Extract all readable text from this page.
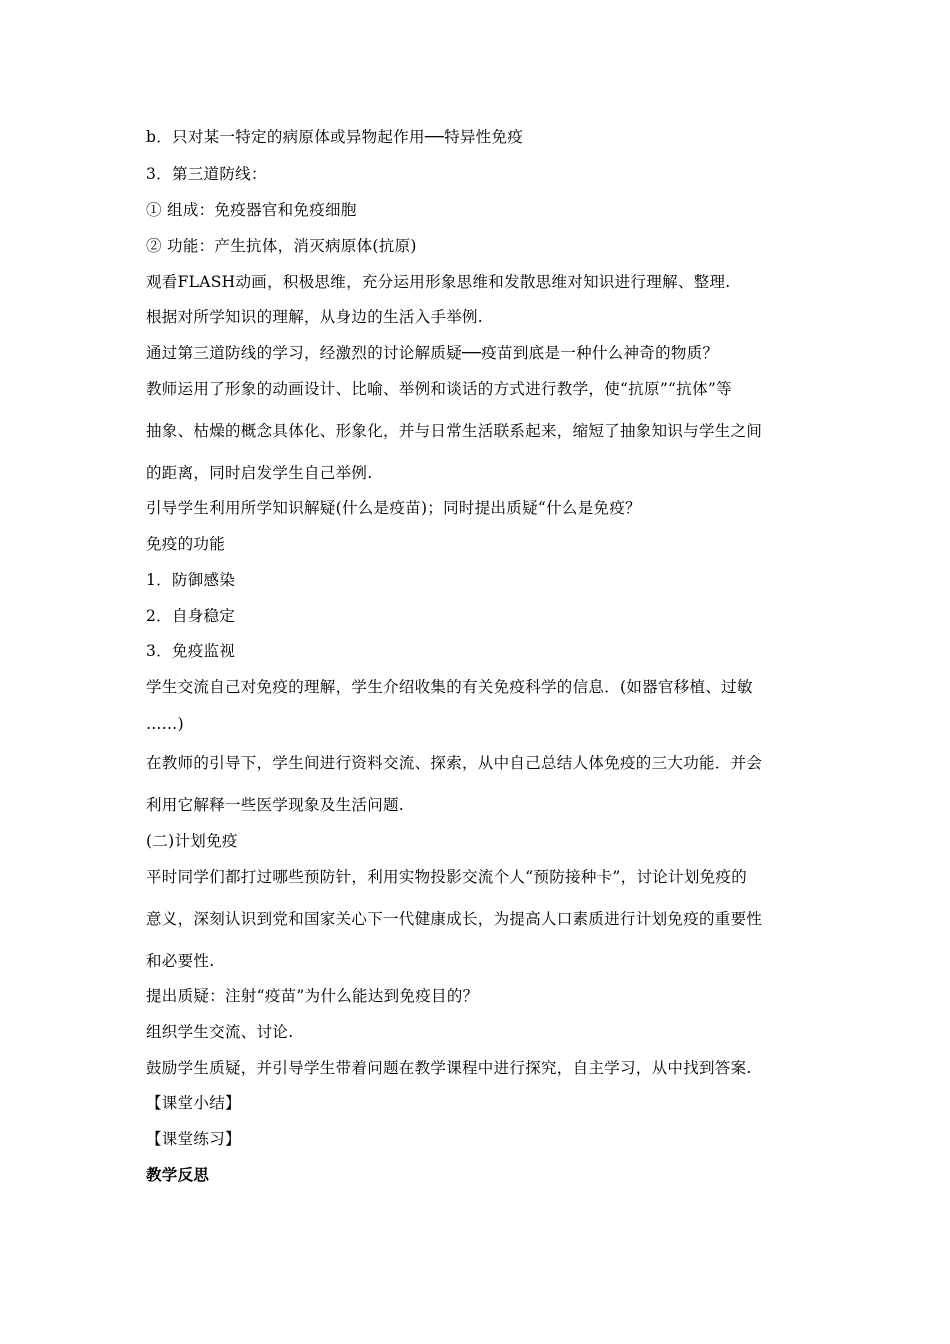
b．只对某一特定的病原体或异物起作用──特异性免疫
3．第三道防线：
① 组成：免疫器官和免疫细胞
② 功能：产生抗体，消灭病原体(抗原)
观看FLASH动画，积极思维，充分运用形象思维和发散思维对知识进行理解、整理.
根据对所学知识的理解，从身边的生活入手举例.
通过第三道防线的学习，经激烈的讨论解质疑──疫苗到底是一种什么神奇的物质？
教师运用了形象的动画设计、比喻、举例和谈话的方式进行教学，使“抗原”“抗体”等
抽象、枯燥的概念具体化、形象化，并与日常生活联系起来，缩短了抽象知识与学生之间
的距离，同时启发学生自己举例.
引导学生利用所学知识解疑(什么是疫苗)；同时提出质疑“什么是免疫？
免疫的功能
1．防御感染
2．自身稳定
3．免疫监视
学生交流自己对免疫的理解，学生介绍收集的有关免疫科学的信息．(如器官移植、过敏
……)
在教师的引导下，学生间进行资料交流、探索，从中自己总结人体免疫的三大功能．并会
利用它解释一些医学现象及生活问题.
(二)计划免疫
平时同学们都打过哪些预防针，利用实物投影交流个人“预防接种卡”，讨论计划免疫的
意义，深刻认识到党和国家关心下一代健康成长，为提高人口素质进行计划免疫的重要性
和必要性.
提出质疑：注射“疫苗”为什么能达到免疫目的？
组织学生交流、讨论.
鼓励学生质疑，并引导学生带着问题在教学课程中进行探究，自主学习，从中找到答案.
【课堂小结】
【课堂练习】
教学反思
